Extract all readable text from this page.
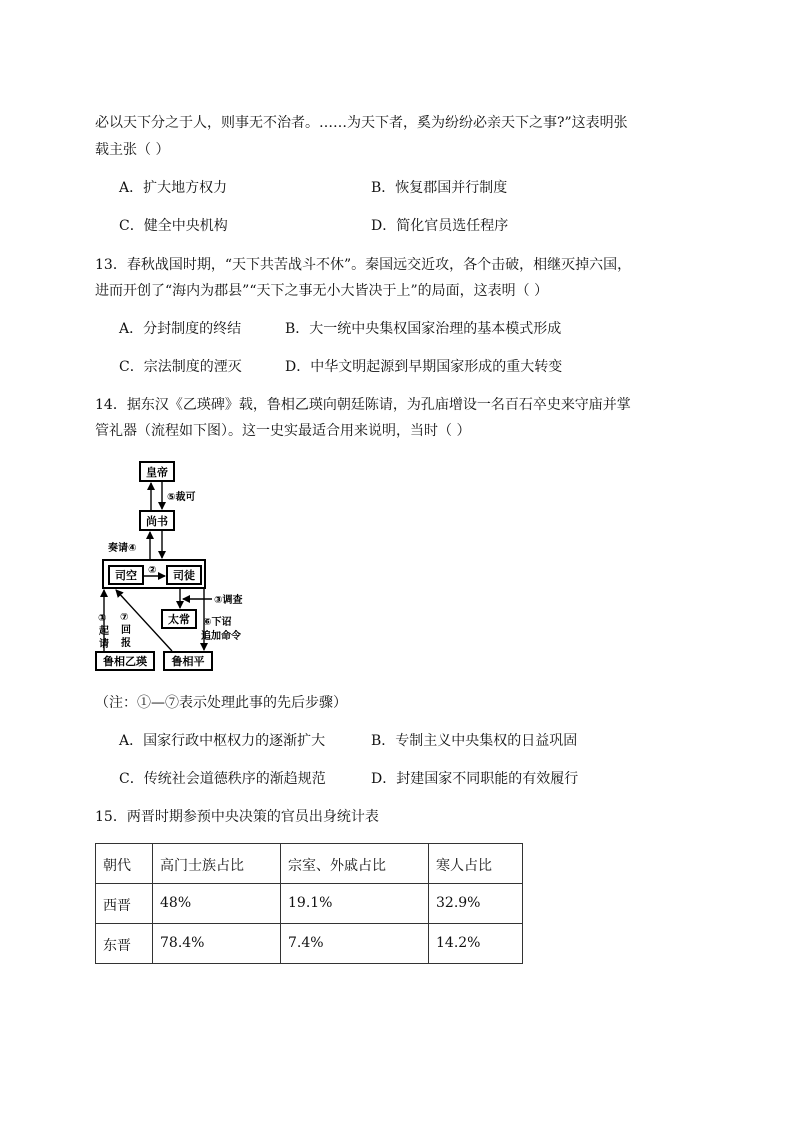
必以天下分之于人，则事无不治者。……为天下者，奚为纷纷必亲天下之事?”这表明张
载主张（ ）
A．扩大地方权力	B．恢复郡国并行制度
C．健全中央机构	D．简化官员选任程序
13．春秋战国时期，“天下共苦战斗不休”。秦国远交近攻，各个击破，相继灭掉六国，
进而开创了“海内为郡县”“天下之事无小大皆决于上”的局面，这表明（ ）
A．分封制度的终结	B．大一统中央集权国家治理的基本模式形成
C．宗法制度的湮灭	D．中华文明起源到早期国家形成的重大转变
14．据东汉《乙瑛碑》载，鲁相乙瑛向朝廷陈请，为孔庙增设一名百石卒史来守庙并掌
管礼器（流程如下图）。这一史实最适合用来说明，当时（ ）
皇帝
尚书
司空	司徒
太常
鲁相乙瑛 鲁相平
⑤裁可
奏请④
②
③调查
⑥下诏
追加命令
①
起
请
⑦
回
报
（注：①—⑦表示处理此事的先后步骤）
A．国家行政中枢权力的逐渐扩大	B．专制主义中央集权的日益巩固
C．传统社会道德秩序的渐趋规范	D．封建国家不同职能的有效履行
15．两晋时期参预中央决策的官员出身统计表
朝代	高门士族占比	宗室、外戚占比	寒人占比
西晋	48%	19.1%	32.9%
东晋	78.4%	7.4%	14.2%
